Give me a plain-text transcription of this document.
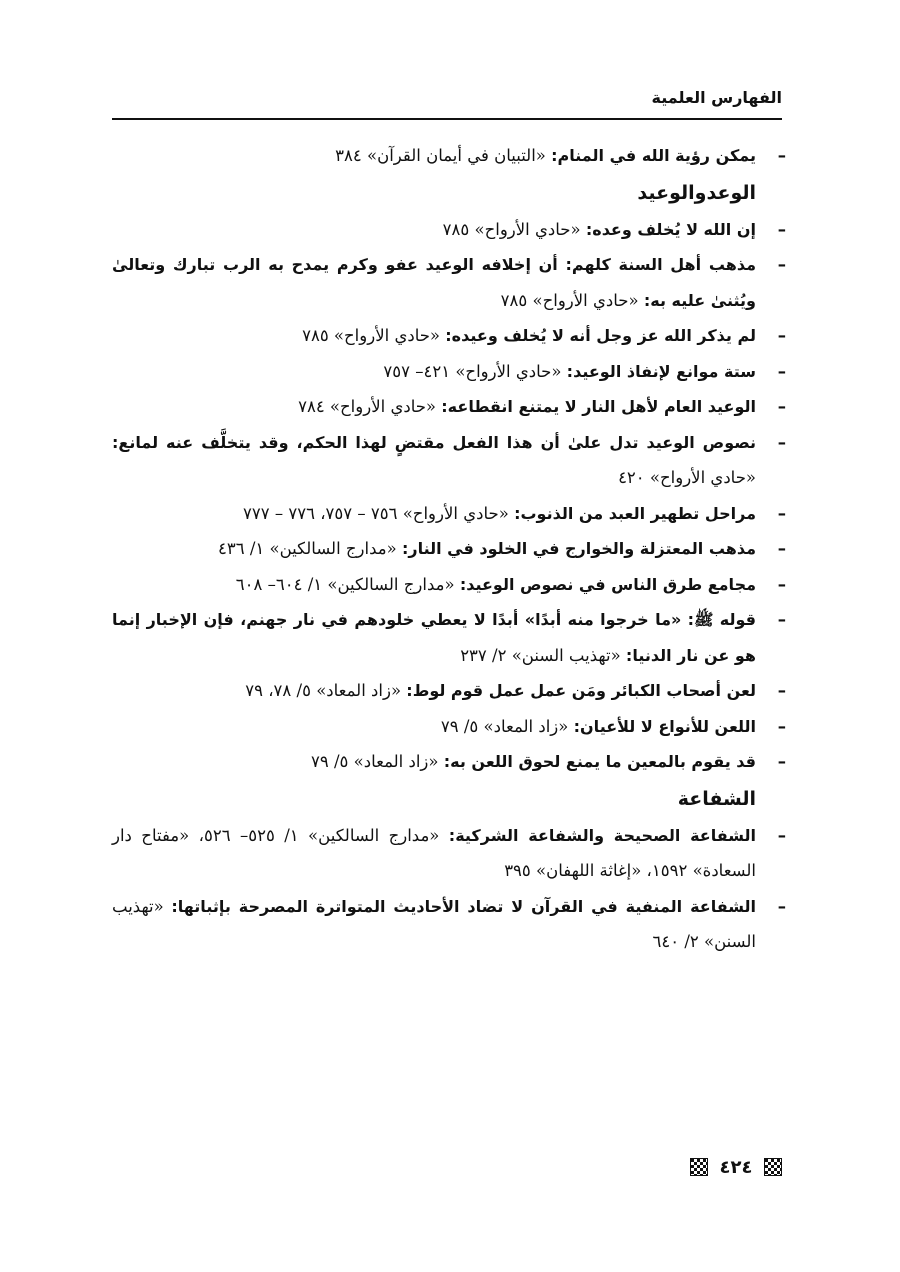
الفهارس العلمية
–
يمكن رؤية الله في المنام: «التبيان في أيمان القرآن» ٣٨٤
الوعدوالوعيد
–
إن الله لا يُخلف وعده: «حادي الأرواح» ٧٨٥
–
مذهب أهل السنة كلهم: أن إخلافه الوعيد عفو وكرم يمدح به الرب تبارك وتعالىٰ ويُثنىٰ عليه به: «حادي الأرواح» ٧٨٥
–
لم يذكر الله عز وجل أنه لا يُخلف وعيده: «حادي الأرواح» ٧٨٥
–
ستة موانع لإنفاذ الوعيد: «حادي الأرواح» ٤٢١– ٧٥٧
–
الوعيد العام لأهل النار لا يمتنع انقطاعه: «حادي الأرواح» ٧٨٤
–
نصوص الوعيد تدل علىٰ أن هذا الفعل مقتضٍ لهذا الحكم، وقد يتخلَّف عنه لمانع: «حادي الأرواح» ٤٢٠
–
مراحل تطهير العبد من الذنوب: «حادي الأرواح» ٧٥٦ – ٧٥٧، ٧٧٦ – ٧٧٧
–
مذهب المعتزلة والخوارج في الخلود في النار: «مدارج السالكين» ١/ ٤٣٦
–
مجامع طرق الناس في نصوص الوعيد: «مدارج السالكين» ١/ ٦٠٤– ٦٠٨
–
قوله ﷺ: «ما خرجوا منه أبدًا» أبدًا لا يعطي خلودهم في نار جهنم، فإن الإخبار إنما هو عن نار الدنيا: «تهذيب السنن» ٢/ ٢٣٧
–
لعن أصحاب الكبائر ومَن عمل عمل قوم لوط: «زاد المعاد» ٥/ ٧٨، ٧٩
–
اللعن للأنواع لا للأعيان: «زاد المعاد» ٥/ ٧٩
–
قد يقوم بالمعين ما يمنع لحوق اللعن به: «زاد المعاد» ٥/ ٧٩
الشفاعة
–
الشفاعة الصحيحة والشفاعة الشركية: «مدارج السالكين» ١/ ٥٢٥– ٥٢٦، «مفتاح دار السعادة» ١٥٩٢، «إغاثة اللهفان» ٣٩٥
–
الشفاعة المنفية في القرآن لا تضاد الأحاديث المتواترة المصرحة بإثباتها: «تهذيب السنن» ٢/ ٦٤٠
٤٢٤
